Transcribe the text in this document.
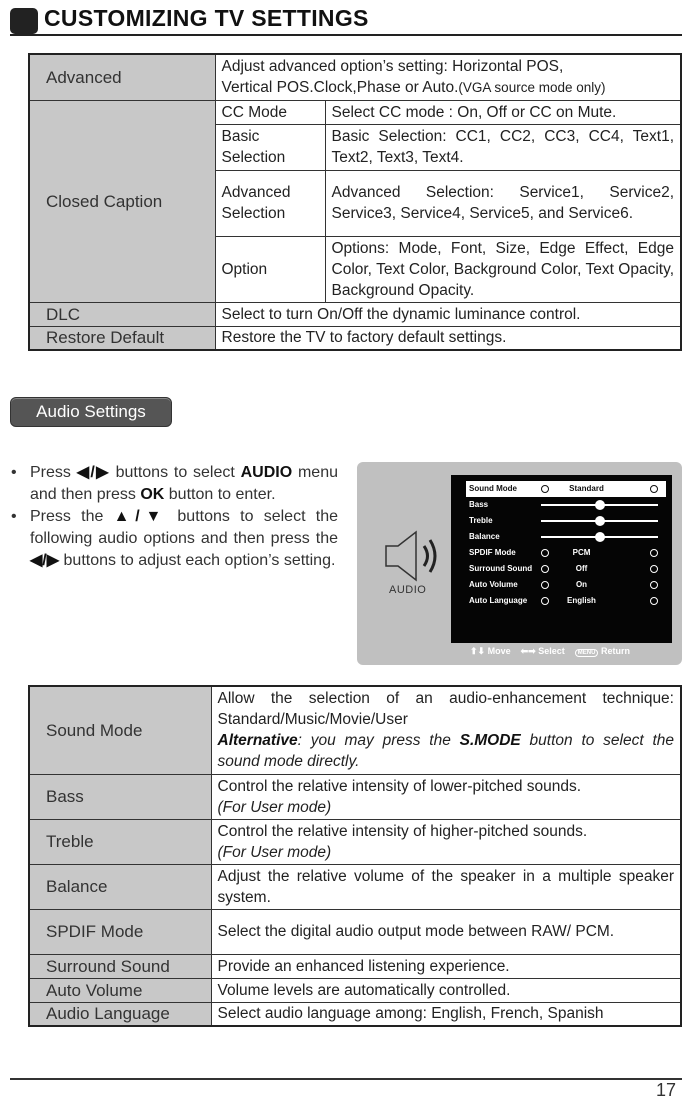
CUSTOMIZING TV SETTINGS
Advanced	Adjust advanced option’s setting: Horizontal POS,
Vertical POS.Clock,Phase or Auto.(VGA source mode only)	
Closed Caption	CC Mode	Select CC mode : On, Off or CC on Mute.
	Basic Selection	Basic Selection: CC1, CC2, CC3, CC4, Text1, Text2, Text3, Text4.
	Advanced Selection	Advanced Selection: Service1, Service2, Service3, Service4, Service5, and Service6.
	Option	Options: Mode, Font, Size, Edge Effect, Edge Color, Text Color, Background Color, Text Opacity, Background Opacity.
DLC	Select to turn On/Off the dynamic luminance control.	
Restore Default	Restore the TV to factory default settings.	
Audio Settings
• Press ◀/▶ buttons to select AUDIO menu and then press OK button to enter.
• Press the ▲/▼ buttons to select the following audio options and then press the ◀/▶ buttons to adjust each option’s setting.
AUDIO
Sound Mode	Standard
Bass
Treble
Balance
SPDIF Mode	PCM
Surround Sound	Off
Auto Volume	On
Auto Language	English
⬆⬇ Move ⬅➡ Select MENU Return
Sound Mode	Allow the selection of an audio-enhancement technique: Standard/Music/Movie/User
Alternative: you may press the S.MODE button to select the sound mode directly.
Bass	Control the relative intensity of lower-pitched sounds.
(For User mode)
Treble	Control the relative intensity of higher-pitched sounds.
(For User mode)
Balance	Adjust the relative volume of the speaker in a multiple speaker system.
SPDIF Mode	Select the digital audio output mode between RAW/ PCM.
Surround Sound	Provide an enhanced listening experience.
Auto Volume	Volume levels are automatically controlled.
Audio Language	Select audio language among: English, French, Spanish
17
